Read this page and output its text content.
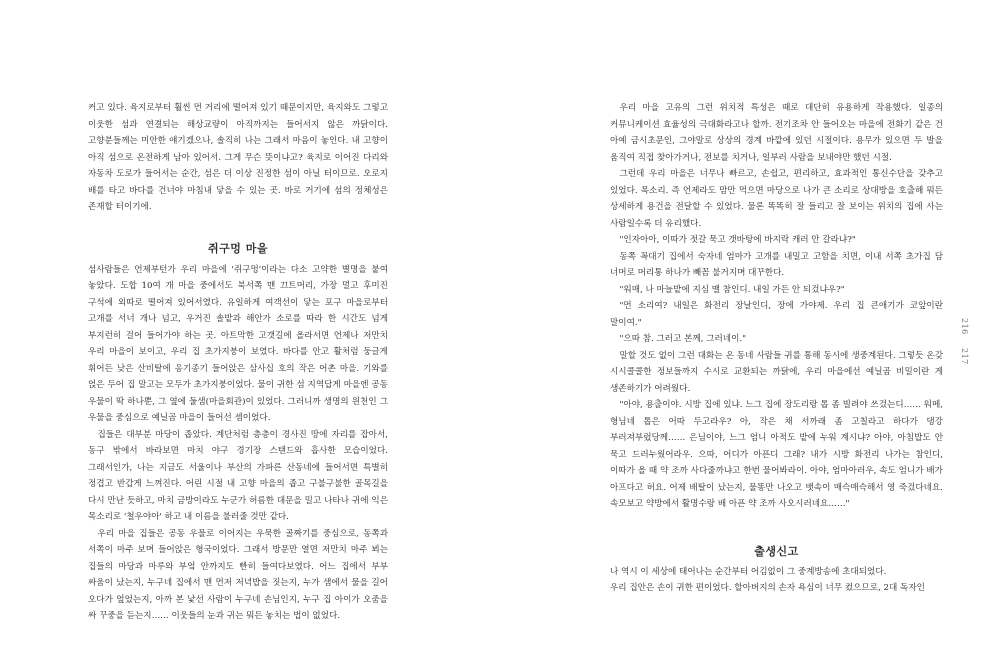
커고 있다. 육지로부터 훨씬 먼 거리에 떨어져 있기 때문이지만, 육지와도 그렇고 이웃한 섬과 연결되는 해상교량이 아직까지는 들어서지 않은 까닭이다. 고향분들께는 미안한 얘기겠으나, 솔직히 나는 그래서 마음이 놓인다. 내 고향이 아직 섬으로 온전하게 남아 있어서. 그게 무슨 뜻이냐고? 육지로 이어진 다리와 자동차 도로가 들어서는 순간, 섬은 더 이상 진정한 섬이 아닐 터이므로. 오로지 배를 타고 바다를 건너야 마침내 닿을 수 있는 곳. 바로 거기에 섬의 정체성은 존재할 터이기에.

쥐구멍 마을

섬사람들은 언제부턴가 우리 마을에 '쥐구멍'이라는 다소 고약한 별명을 붙여 놓았다. 도합 10여 개 마을 중에서도 북서쪽 맨 끄트머리, 가장 멀고 후미진 구석에 외따로 떨어져 있어서였다. 유일하게 여객선이 닿는 포구 마을로부터 고개를 서너 개나 넘고, 우거진 솔밭과 해안가 소로를 따라 한 시간도 넘게 부지런히 걸어 들어가야 하는 곳. 아트막한 고갯길에 올라서면 언제나 저만치 우리 마을이 보이고, 우리 집 초가지붕이 보였다. 바다를 안고 활처럼 둥글게 휘어든 낮은 산비탈에 옹기종기 들어앉은 삼사십 호의 작은 어촌 마을. 기와를 얹은 두어 집 말고는 모두가 초가지붕이었다. 물이 귀한 섬 지역답게 마을엔 공동 우물이 딱 하나뿐, 그 옆에 둘샘(마을회관)이 있었다. 그러니까 생명의 원천인 그 우물을 중심으로 예닐곱 마을이 들어선 셈이었다.

집들은 대부분 마당이 좁았다. 계단처럼 층층이 경사진 땅에 자리를 잡아서, 동구 밖에서 바라보면 마치 야구 경기장 스탠드와 흡사한 모습이었다. 그래서인가, 나는 지금도 서울이나 부산의 가파른 산동네에 들어서면 특별히 정겹고 반갑게 느껴진다. 어린 시절 내 고향 마을의 좁고 구불구불한 골목길을 다시 만난 듯하고, 마치 금방이라도 누군가 허름한 대문을 밀고 나타나 귀에 익은 목소리로 '철우야아' 하고 내 이름을 불러줄 것만 같다.

우리 마을 집들은 공동 우물로 이어지는 우묵한 골짜기를 중심으로, 동쪽과 서쪽이 마주 보며 들어앉은 형국이었다. 그래서 방문만 열면 저만치 마주 뵈는 집들의 마당과 마루와 부엌 안까지도 빤히 들여다보였다. 어느 집에서 부부 싸움이 났는지, 누구네 집에서 맨 먼저 저녁밥을 짓는지, 누가 샘에서 물을 길어 오다가 엎었는지, 아까 본 낯선 사람이 누구네 손님인지, 누구 집 아이가 오줌을 싸 꾸중을 듣는지…… 이웃들의 눈과 귀는 뭐든 놓치는 법이 없었다.

216
217

우리 마을 고유의 그런 위치적 특성은 때로 대단히 유용하게 작용했다. 일종의 커뮤니케이션 효율성의 극대화라고나 할까. 전기조차 안 들어오는 마을에 전화기 같은 건 아예 금시초문인, 그야말로 상상의 경계 바깥에 있던 시절이다. 용무가 있으면 두 발을 움직여 직접 찾아가거나, 전보를 치거나, 일부러 사람을 보내야만 했던 시절.

그런데 우리 마을은 너무나 빠르고, 손쉽고, 편리하고, 효과적인 통신수단을 갖추고 있었다. 목소리. 즉 언제라도 맘만 먹으면 마당으로 나가 큰 소리로 상대방을 호출해 뭐든 상세하게 용건을 전달할 수 있었다. 물론 똑똑히 잘 들리고 잘 보이는 위치의 집에 사는 사람일수록 더 유리했다.

"인자아아, 이따가 젓갈 묵고 갯바탕에 바지락 캐러 안 갈라냐?"

동쪽 꼭대기 집에서 숙자네 엄마가 고개를 내밀고 고함을 치면, 이내 서쪽 초가집 담 너머로 머리통 하나가 빼꼼 불거지며 대꾸한다.

"워매, 나 마늘밭에 지심 맬 참인디. 내일 가든 안 되겄냐우?"

"먼 소리여? 내일은 화전리 장날인디, 장에 가야제. 우리 집 큰애기가 코앞이란 말이여."

"으따 참. 그러고 본께, 그러네이."

말할 것도 없이 그런 대화는 온 동네 사람들 귀를 통해 동시에 생중계된다. 그렇듯 온갖 시시콜콜한 정보들까지 수시로 교환되는 까닭에, 우리 마을에선 예닐곱 비밀이란 게 생존하기가 어려웠다.

"아야, 용출이야. 시방 집에 있냐. 느그 집에 장도리랑 톱 좀 빌려야 쓰겄는디…… 워메, 형님네 톱은 어따 두고라우? 아, 작은 채 서까래 좀 고칠라고 하다가 댕강 부러져부렀당께…… 은님이야, 느그 엄니 아적도 밭에 누워 계시냐? 아야, 아침밥도 안 묵고 드러누웠어라우. 으따, 어디가 아픈디 그래? 내가 시방 화전리 나가는 참인디, 이따가 올 때 약 조까 사다줄까냐고 한번 물어봐라이. 아야, 엄마아러우, 속도 엄니가 배가 아프다고 허요. 어제 배탈이 났는지, 물똥만 나오고 뱃속이 매슥매슥해서 영 죽겄다네요. 속모보고 약방에서 활명수랑 배 아픈 약 조까 사오시러네요……"

출생신고

나 역시 이 세상에 태어나는 순간부터 어김없이 그 중계방송에 초대되었다.

우리 집안은 손이 귀한 편이었다. 할아버지의 손자 욕심이 너무 컸으므로, 2대 독자인
